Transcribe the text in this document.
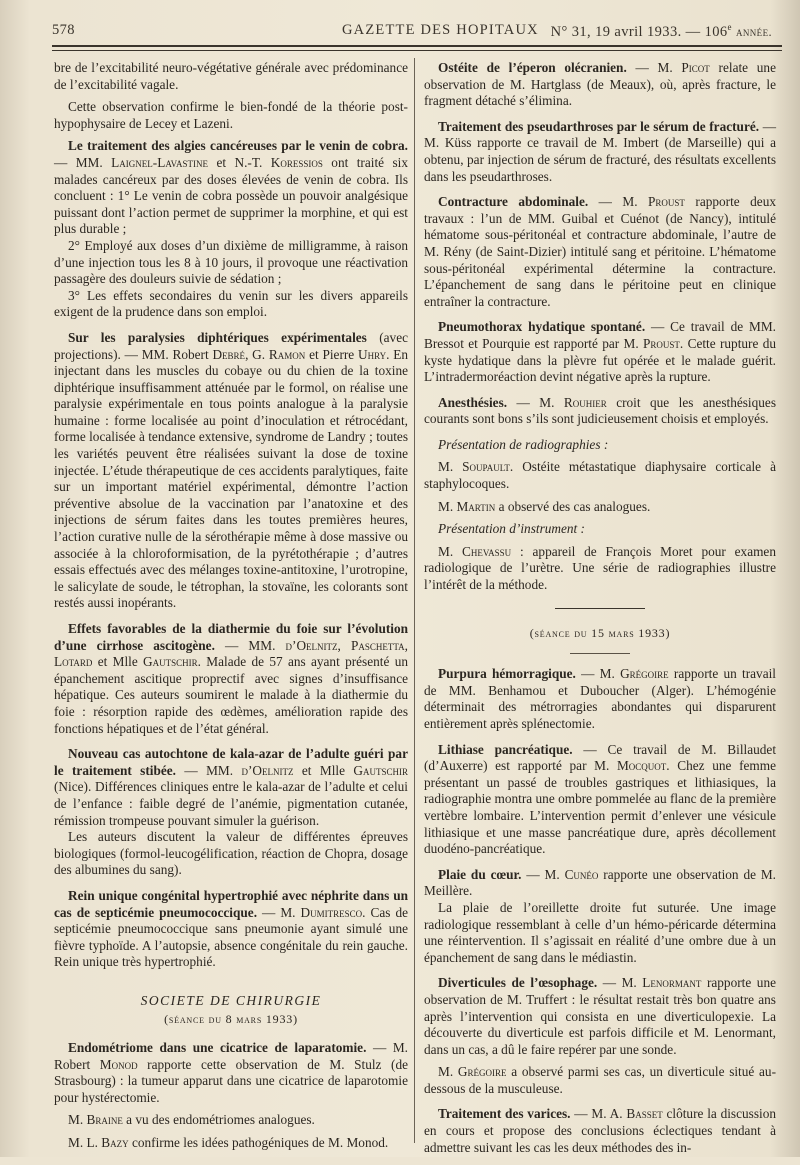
578	GAZETTE DES HOPITAUX N° 31, 19 avril 1933. — 106e année.

bre de l’excitabilité neuro-végétative générale avec prédominance de l’excitabilité vagale.

Cette observation confirme le bien-fondé de la théorie post-hypophysaire de Lecey et Lazeni.

Le traitement des algies cancéreuses par le venin de cobra. — MM. Laignel-Lavastine et N.-T. Koressios ont traité six malades cancéreux par des doses élevées de venin de cobra. Ils concluent : 1° Le venin de cobra possède un pouvoir analgésique puissant dont l’action permet de supprimer la morphine, et qui est plus durable ;

2° Employé aux doses d’un dixième de milligramme, à raison d’une injection tous les 8 à 10 jours, il provoque une réactivation passagère des douleurs suivie de sédation ;

3° Les effets secondaires du venin sur les divers appareils exigent de la prudence dans son emploi.

Sur les paralysies diphtériques expérimentales (avec projections). — MM. Robert Debré, G. Ramon et Pierre Uhry. En injectant dans les muscles du cobaye ou du chien de la toxine diphtérique insuffisamment atténuée par le formol, on réalise une paralysie expérimentale en tous points analogue à la paralysie humaine : forme localisée au point d’inoculation et rétrocédant, forme localisée à tendance extensive, syndrome de Landry ; toutes les variétés peuvent être réalisées suivant la dose de toxine injectée. L’étude thérapeutique de ces accidents paralytiques, faite sur un important matériel expérimental, démontre l’action préventive absolue de la vaccination par l’anatoxine et des injections de sérum faites dans les toutes premières heures, l’action curative nulle de la sérothérapie même à dose massive ou associée à la chloroformisation, de la pyrétothérapie ; d’autres essais effectués avec des mélanges toxine-antitoxine, l’urotropine, le salicylate de soude, le tétrophan, la stovaïne, les colorants sont restés aussi inopérants.

Effets favorables de la diathermie du foie sur l’évolution d’une cirrhose ascitogène. — MM. d’Oelnitz, Paschetta, Lotard et Mlle Gautschir. Malade de 57 ans ayant présenté un épanchement ascitique proprectif avec signes d’insuffisance hépatique. Ces auteurs soumirent le malade à la diathermie du foie : résorption rapide des œdèmes, amélioration rapide des fonctions hépatiques et de l’état général.

Nouveau cas autochtone de kala-azar de l’adulte guéri par le traitement stibée. — MM. d’Oelnitz et Mlle Gautschir (Nice). Différences cliniques entre le kala-azar de l’adulte et celui de l’enfance : faible degré de l’anémie, pigmentation cutanée, rémission trompeuse pouvant simuler la guérison.

Les auteurs discutent la valeur de différentes épreuves biologiques (formol-leucogélification, réaction de Chopra, dosage des albumines du sang).

Rein unique congénital hypertrophié avec néphrite dans un cas de septicémie pneumococcique. — M. Dumitresco. Cas de septicémie pneumococcique sans pneumonie ayant simulé une fièvre typhoïde. A l’autopsie, absence congénitale du rein gauche. Rein unique très hypertrophié.

SOCIETE DE CHIRURGIE
(séance du 8 mars 1933)

Endométriome dans une cicatrice de laparatomie. — M. Robert Monod rapporte cette observation de M. Stulz (de Strasbourg) : la tumeur apparut dans une cicatrice de laparotomie pour hystérectomie.

M. Braine a vu des endométriomes analogues.

M. L. Bazy confirme les idées pathogéniques de M. Monod.

Ostéite de l’éperon olécranien. — M. Picot relate une observation de M. Hartglass (de Meaux), où, après fracture, le fragment détaché s’élimina.

Traitement des pseudarthroses par le sérum de fracturé. — M. Küss rapporte ce travail de M. Imbert (de Marseille) qui a obtenu, par injection de sérum de fracturé, des résultats excellents dans les pseudarthroses.

Contracture abdominale. — M. Proust rapporte deux travaux : l’un de MM. Guibal et Cuénot (de Nancy), intitulé hématome sous-péritonéal et contracture abdominale, l’autre de M. Rény (de Saint-Dizier) intitulé sang et péritoine. L’hématome sous-péritonéal expérimental détermine la contracture. L’épanchement de sang dans le péritoine peut en clinique entraîner la contracture.

Pneumothorax hydatique spontané. — Ce travail de MM. Bressot et Pourquie est rapporté par M. Proust. Cette rupture du kyste hydatique dans la plèvre fut opérée et le malade guérit. L’intradermoréaction devint négative après la rupture.

Anesthésies. — M. Rouhier croit que les anesthésiques courants sont bons s’ils sont judicieusement choisis et employés.

Présentation de radiographies :

M. Soupault. Ostéite métastatique diaphysaire corticale à staphylocoques.

M. Martin a observé des cas analogues.

Présentation d’instrument :

M. Chevassu : appareil de François Moret pour examen radiologique de l’urètre. Une série de radiographies illustre l’intérêt de la méthode.

(séance du 15 mars 1933)

Purpura hémorragique. — M. Grégoire rapporte un travail de MM. Benhamou et Duboucher (Alger). L’hémogénie déterminait des métrorragies abondantes qui disparurent entièrement après splénectomie.

Lithiase pancréatique. — Ce travail de M. Billaudet (d’Auxerre) est rapporté par M. Mocquot. Chez une femme présentant un passé de troubles gastriques et lithiasiques, la radiographie montra une ombre pommelée au flanc de la première vertèbre lombaire. L’intervention permit d’enlever une vésicule lithiasique et une masse pancréatique dure, après décollement duodéno-pancréatique.

Plaie du cœur. — M. Cunéo rapporte une observation de M. Meillère.

La plaie de l’oreillette droite fut suturée. Une image radiologique ressemblant à celle d’un hémo-péricarde détermina une réintervention. Il s’agissait en réalité d’une ombre due à un épanchement de sang dans le médiastin.

Diverticules de l’œsophage. — M. Lenormant rapporte une observation de M. Truffert : le résultat restait très bon quatre ans après l’intervention qui consista en une diverticulopexie. La découverte du diverticule est parfois difficile et M. Lenormant, dans un cas, a dû le faire repérer par une sonde.

M. Grégoire a observé parmi ses cas, un diverticule situé au-dessous de la musculeuse.

Traitement des varices. — M. A. Basset clôture la discussion en cours et propose des conclusions éclectiques tendant à admettre suivant les cas les deux méthodes des in-
